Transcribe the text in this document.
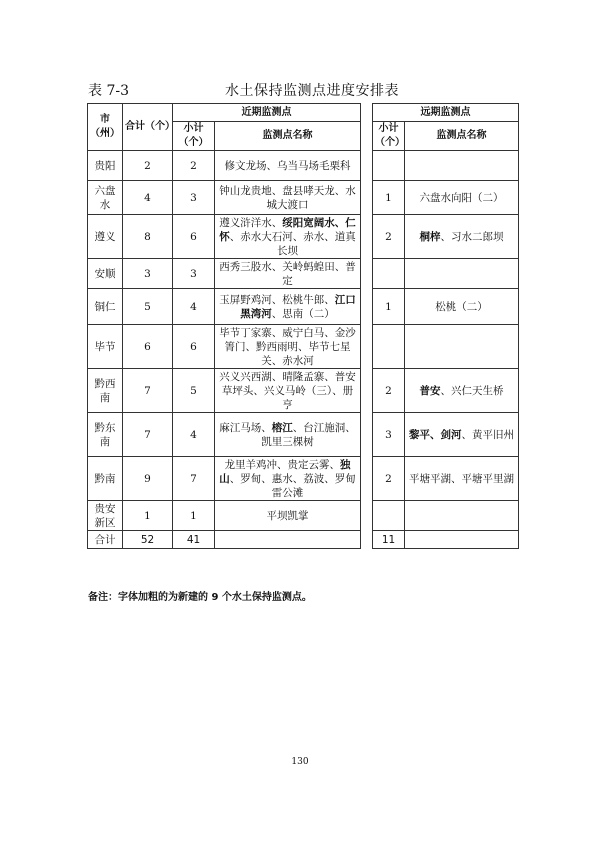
表 7-3	水土保持监测点进度安排表
市（州）	合计（个）	近期监测点			远期监测点	
		小计（个）	监测点名称		小计（个）	监测点名称
贵阳	2	2	修文龙场、乌当马场毛栗科			
六盘水	4	3	钟山龙贵地、盘县哮天龙、水城大渡口		1	六盘水向阳（二）
遵义	8	6	遵义浒洋水、绥阳宽阔水、仁怀、赤水大石河、赤水、道真长坝		2	桐梓、习水二郎坝
安顺	3	3	西秀三股水、关岭蚂蝗田、普定			
铜仁	5	4	玉屏野鸡河、松桃牛郎、江口黑湾河、思南（二）		1	松桃（二）
毕节	6	6	毕节丁家寨、威宁白马、金沙箐门、黔西雨明、毕节七星关、赤水河			
黔西南	7	5	兴义兴西湖、晴隆孟寨、普安草坪头、兴义马岭（三）、册亨		2	普安、兴仁天生桥
黔东南	7	4	麻江马场、榕江、台江施洞、凯里三棵树		3	黎平、剑河、黄平旧州
黔南	9	7	龙里羊鸡冲、贵定云雾、独山、罗甸、惠水、荔波、罗甸雷公滩		2	平塘平湖、平塘平里湖
贵安新区	1	1	平坝凯掌			
合计	52	41			11	
备注：字体加粗的为新建的 9 个水土保持监测点。
130
